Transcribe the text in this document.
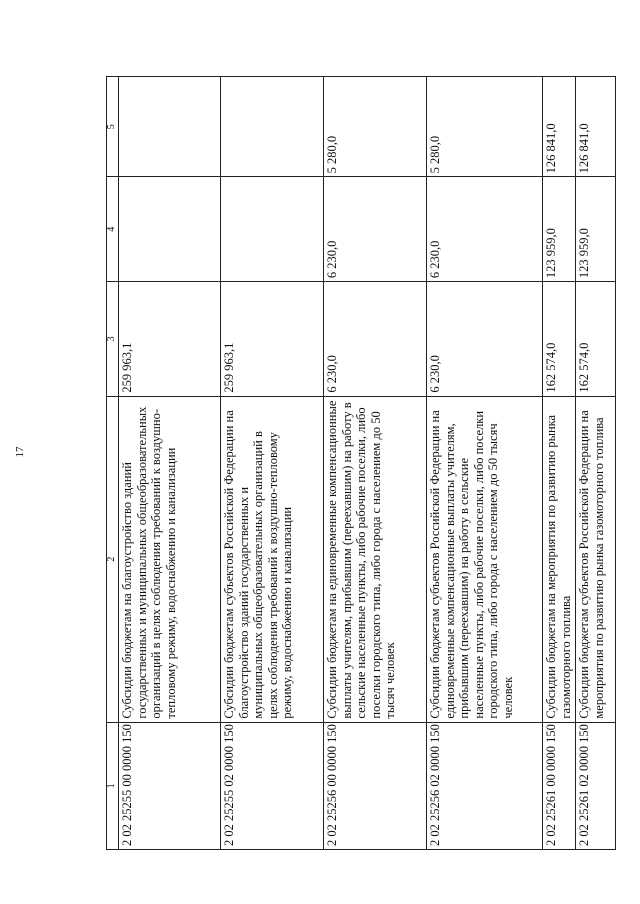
17
1	2	3	4	5
2 02 25255 00 0000 150	Субсидии бюджетам на благоустройство зданий государственных и муниципальных общеобразовательных организаций в целях соблюдения требований к воздушно-тепловому режиму, водоснабжению и канализации	259 963,1		
2 02 25255 02 0000 150	Субсидии бюджетам субъектов Российской Федерации на благоустройство зданий государственных и муниципальных общеобразовательных организаций в целях соблюдения требований к воздушно-тепловому режиму, водоснабжению и канализации	259 963,1		
2 02 25256 00 0000 150	Субсидии бюджетам на единовременные компенсационные выплаты учителям, прибывшим (переехавшим) на работу в сельские населенные пункты, либо рабочие поселки, либо поселки городского типа, либо города с населением до 50 тысяч человек	6 230,0	6 230,0	5 280,0
2 02 25256 02 0000 150	Субсидии бюджетам субъектов Российской Федерации на единовременные компенсационные выплаты учителям, прибывшим (переехавшим) на работу в сельские населенные пункты, либо рабочие поселки, либо поселки городского типа, либо города с населением до 50 тысяч человек	6 230,0	6 230,0	5 280,0
2 02 25261 00 0000 150	Субсидии бюджетам на мероприятия по развитию рынка газомоторного топлива	162 574,0	123 959,0	126 841,0
2 02 25261 02 0000 150	Субсидии бюджетам субъектов Российской Федерации на мероприятия по развитию рынка газомоторного топлива	162 574,0	123 959,0	126 841,0
